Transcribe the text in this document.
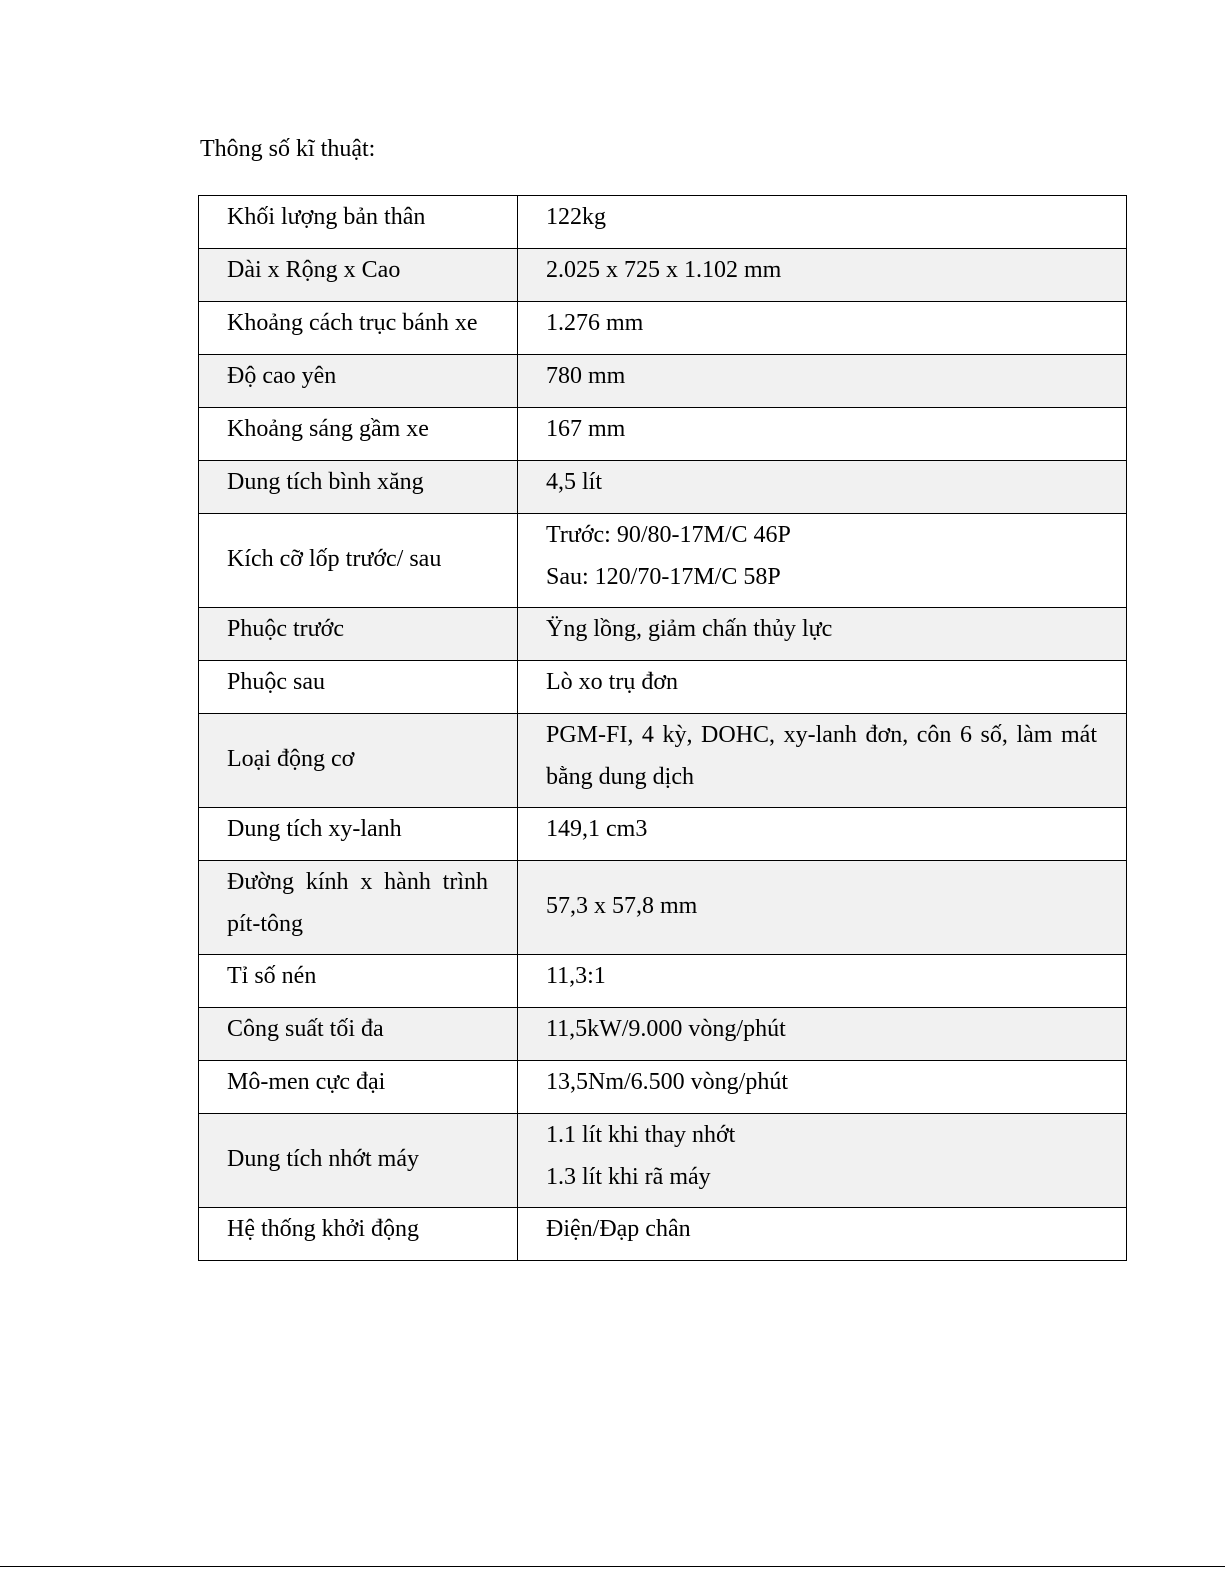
Thông số kĩ thuật:
Khối lượng bản thân	122kg
Dài x Rộng x Cao	2.025 x 725 x 1.102 mm
Khoảng cách trục bánh xe	1.276 mm
Độ cao yên	780 mm
Khoảng sáng gầm xe	167 mm
Dung tích bình xăng	4,5 lít
Kích cỡ lốp trước/ sau	Trước: 90/80-17M/C 46P
Sau: 120/70-17M/C 58P

Phuộc trước	Ÿng lồng, giảm chấn thủy lực
Phuộc sau	Lò xo trụ đơn
Loại động cơ	PGM-FI, 4 kỳ, DOHC, xy-lanh đơn, côn 6 số, làm mát bằng dung dịch
Dung tích xy-lanh	149,1 cm3
Đường kính x hành trình pít-tông	57,3 x 57,8 mm
Tỉ số nén	11,3:1
Công suất tối đa	11,5kW/9.000 vòng/phút
Mô-men cực đại	13,5Nm/6.500 vòng/phút
Dung tích nhớt máy	1.1 lít khi thay nhớt
1.3 lít khi rã máy

Hệ thống khởi động	Điện/Đạp chân
